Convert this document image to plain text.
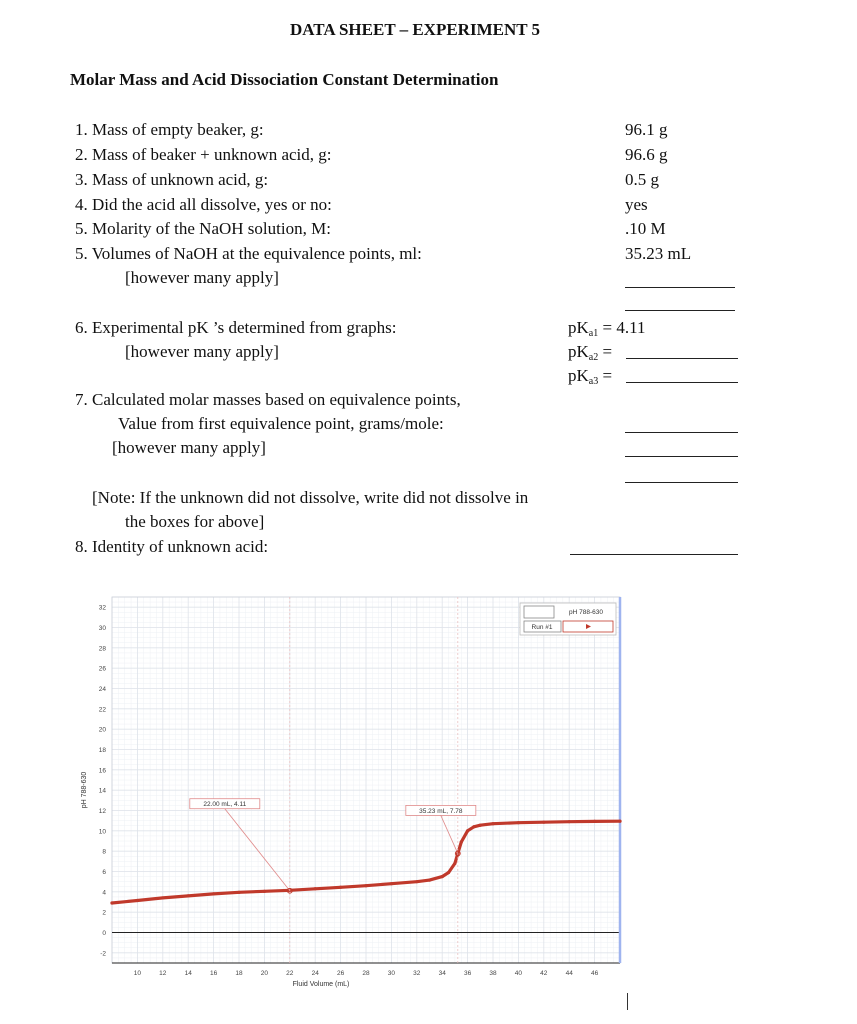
DATA SHEET – EXPERIMENT 5
Molar Mass and Acid Dissociation Constant Determination
1. Mass of empty beaker, g:	96.1 g
2. Mass of beaker + unknown acid, g:	96.6 g
3. Mass of unknown acid, g:	0.5 g
4. Did the acid all dissolve, yes or no:	yes
5. Molarity of the NaOH solution, M:	.10 M
5. Volumes of NaOH at the equivalence points, ml:	35.23 mL
[however many apply]
6. Experimental pK ’s determined from graphs:
[however many apply]
$pK_{a1} = 4.11$
$pK_{a2}$ =
$pK_{a3}$ =
7. Calculated molar masses based on equivalence points,
Value from first equivalence point, grams/mole:
[however many apply]
[Note: If the unknown did not dissolve, write did not dissolve in
the boxes for above]
8. Identity of unknown acid:
-2
0
2
4
6
8
10
12
14
16
18
20
22
24
26
28
30
32
10	12	14	16	18	20	22	24	26	28	30	32	34	36	38	40	42	44	46
22.00 mL, 4.11
35.23 mL, 7.78
pH 788-630
Run #1
Fluid Volume (mL)
pH 788-630
